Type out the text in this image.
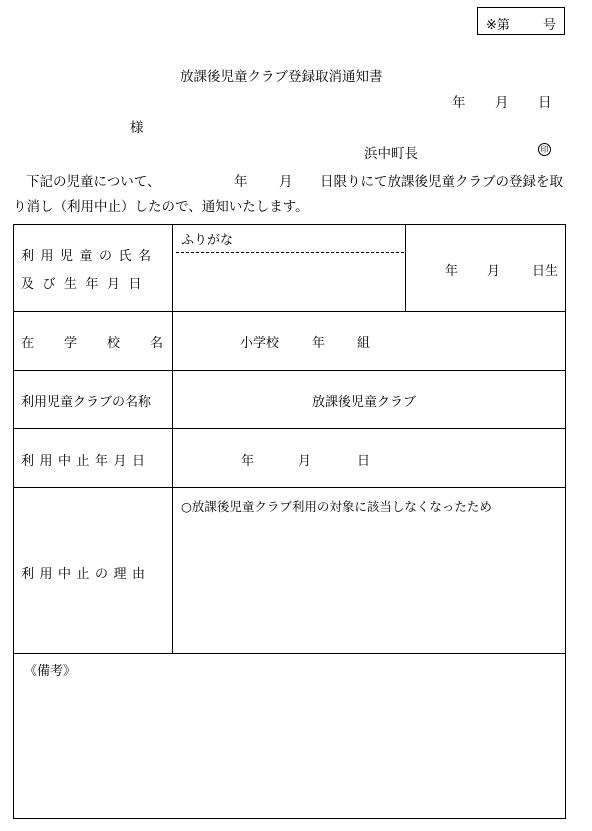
※第	号
放課後児童クラブ登録取消通知書
年 月 日
様
浜中町長	印
下記の児童について、	年 月 日限りにて放課後児童クラブの登録を取
り消し（利用中止）したので、通知いたします。
利用児童の氏名
及び生年月日
ふりがな
年 月 日生
在学校名	小学校	年 組
利用児童クラブの名称	放課後児童クラブ
利用中止年月日	年	月	日
利用中止の理由
○放課後児童クラブ利用の対象に該当しなくなったため
《備考》
